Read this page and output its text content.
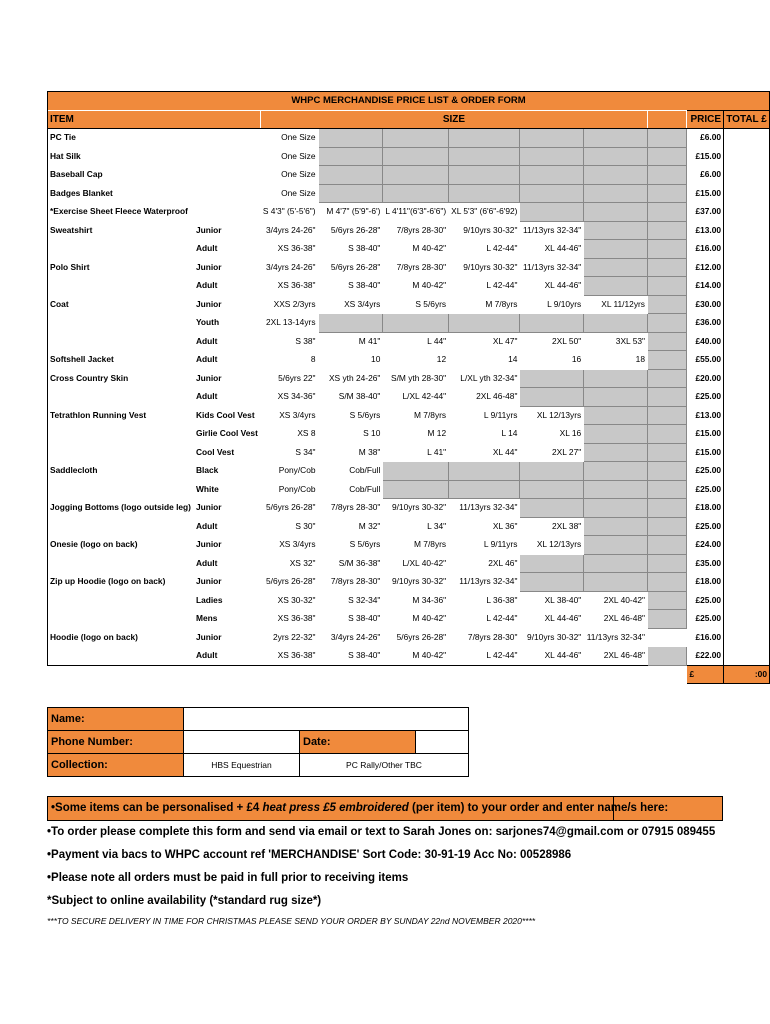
WHPC MERCHANDISE PRICE LIST & ORDER FORM										
ITEM		SIZE							PRICE	TOTAL £
PC Tie		One Size							£6.00	
Hat Silk		One Size							£15.00	
Baseball Cap		One Size							£6.00	
Badges Blanket		One Size							£15.00	
*Exercise Sheet Fleece Waterproof		S 4'3" (5'-5'6")	M 4'7" (5'9"-6')	L 4'11"(6'3"-6'6")	XL 5'3" (6'6"-6'92)				£37.00	
Sweatshirt	Junior	3/4yrs 24-26"	5/6yrs 26-28"	7/8yrs 28-30"	9/10yrs 30-32"	11/13yrs 32-34"			£13.00	
	Adult	XS 36-38"	S 38-40"	M 40-42"	L 42-44"	XL 44-46"			£16.00	
Polo Shirt	Junior	3/4yrs 24-26"	5/6yrs 26-28"	7/8yrs 28-30"	9/10yrs 30-32"	11/13yrs 32-34"			£12.00	
	Adult	XS 36-38"	S 38-40"	M 40-42"	L 42-44"	XL 44-46"			£14.00	
Coat	Junior	XXS 2/3yrs	XS 3/4yrs	S 5/6yrs	M 7/8yrs	L 9/10yrs	XL 11/12yrs		£30.00	
	Youth	2XL 13-14yrs							£36.00	
	Adult	S 38"	M 41"	L 44"	XL 47"	2XL 50"	3XL 53"		£40.00	
Softshell Jacket	Adult	8	10	12	14	16	18		£55.00	
Cross Country Skin	Junior	5/6yrs 22"	XS yth 24-26"	S/M yth 28-30"	L/XL yth 32-34"				£20.00	
	Adult	XS 34-36"	S/M 38-40"	L/XL 42-44"	2XL 46-48"				£25.00	
Tetrathlon Running Vest	Kids Cool Vest	XS 3/4yrs	S 5/6yrs	M 7/8yrs	L 9/11yrs	XL 12/13yrs			£13.00	
	Girlie Cool Vest	XS 8	S 10	M 12	L 14	XL 16			£15.00	
	Cool Vest	S 34"	M 38"	L 41"	XL 44"	2XL 27"			£15.00	
Saddlecloth	Black	Pony/Cob	Cob/Full						£25.00	
	White	Pony/Cob	Cob/Full						£25.00	
Jogging Bottoms (logo outside leg)	Junior	5/6yrs 26-28"	7/8yrs 28-30"	9/10yrs 30-32"	11/13yrs 32-34"				£18.00	
	Adult	S 30"	M 32"	L 34"	XL 36"	2XL 38"			£25.00	
Onesie (logo on back)	Junior	XS 3/4yrs	S 5/6yrs	M 7/8yrs	L 9/11yrs	XL 12/13yrs			£24.00	
	Adult	XS 32"	S/M 36-38"	L/XL 40-42"	2XL 46"				£35.00	
Zip up Hoodie (logo on back)	Junior	5/6yrs 26-28"	7/8yrs 28-30"	9/10yrs 30-32"	11/13yrs 32-34"				£18.00	
	Ladies	XS 30-32"	S 32-34"	M 34-36"	L 36-38"	XL 38-40"	2XL 40-42"		£25.00	
	Mens	XS 36-38"	S 38-40"	M 40-42"	L 42-44"	XL 44-46"	2XL 46-48"		£25.00	
Hoodie (logo on back)	Junior	2yrs 22-32"	3/4yrs 24-26"	5/6yrs 26-28"	7/8yrs 28-30"	9/10yrs 30-32"	11/13yrs 32-34"		£16.00	
	Adult	XS 36-38"	S 38-40"	M 40-42"	L 42-44"	XL 44-46"	2XL 46-48"		£22.00	
									£	:00
Name:			
Phone Number:		Date:	
Collection:	HBS Equestrian	PC Rally/Other TBC	
•Some items can be personalised + £4 heat press £5 embroidered (per item) to your order and enter name/s here:
•To order please complete this form and send via email or text to Sarah Jones on: sarjones74@gmail.com or 07915 089455
•Payment via bacs to WHPC account ref 'MERCHANDISE' Sort Code: 30-91-19 Acc No: 00528986
•Please note all orders must be paid in full prior to receiving items
*Subject to online availability (*standard rug size*)
***TO SECURE DELIVERY IN TIME FOR CHRISTMAS PLEASE SEND YOUR ORDER BY SUNDAY 22nd NOVEMBER 2020****
